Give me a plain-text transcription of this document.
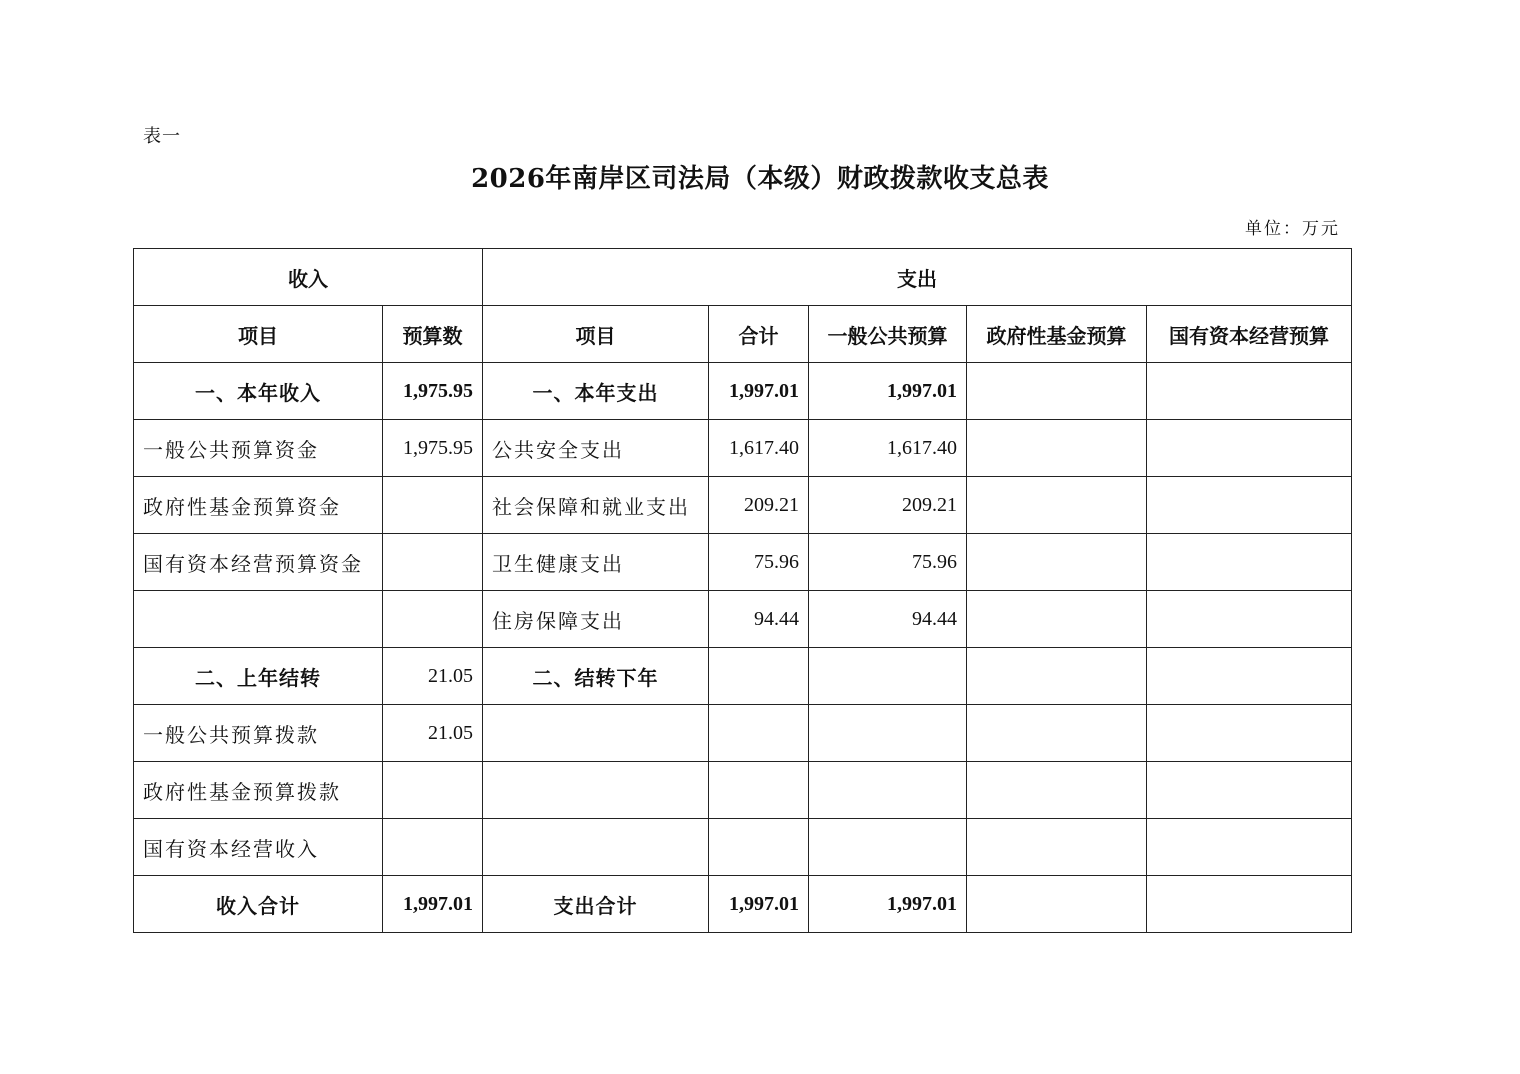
表一
2026年南岸区司法局（本级）财政拨款收支总表
单位：万元
收入		支出				
项目	预算数	项目	合计	一般公共预算	政府性基金预算	国有资本经营预算
一、本年收入	1,975.95	一、本年支出	1,997.01	1,997.01		
一般公共预算资金	1,975.95	公共安全支出	1,617.40	1,617.40		
政府性基金预算资金		社会保障和就业支出	209.21	209.21		
国有资本经营预算资金		卫生健康支出	75.96	75.96		
		住房保障支出	94.44	94.44		
二、上年结转	21.05	二、结转下年				
一般公共预算拨款	21.05					
政府性基金预算拨款						
国有资本经营收入						
收入合计	1,997.01	支出合计	1,997.01	1,997.01		
